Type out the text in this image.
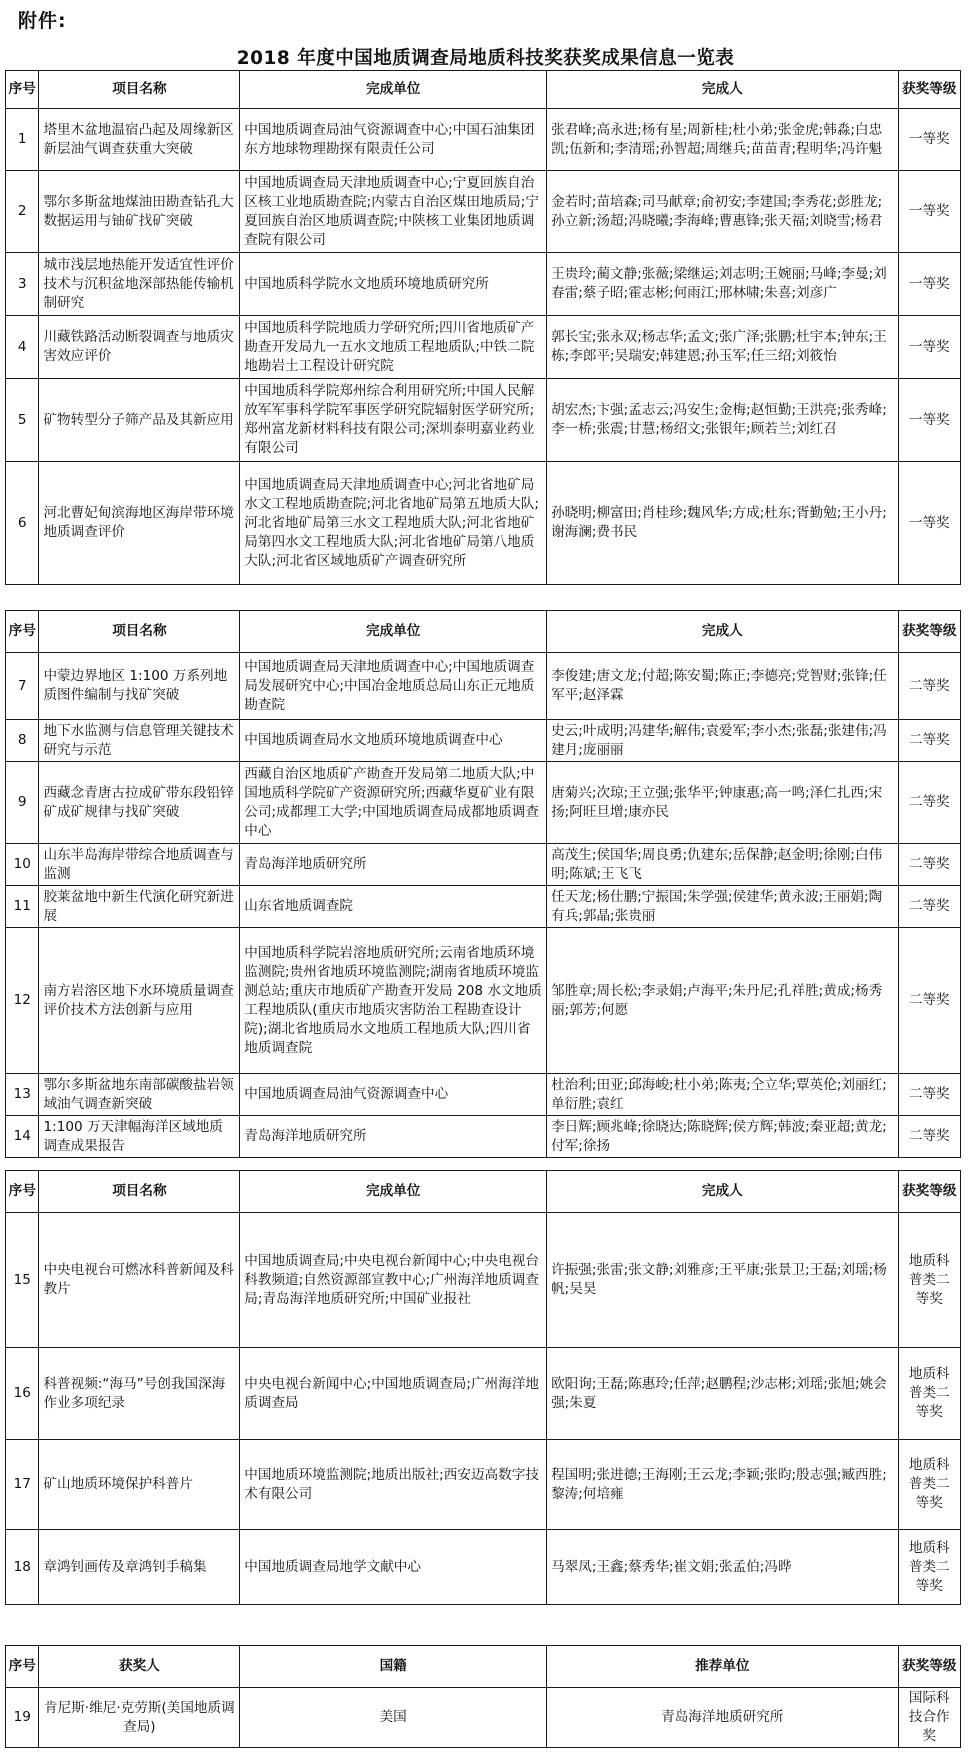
附件:
2018 年度中国地质调查局地质科技奖获奖成果信息一览表
序号	项目名称	完成单位	完成人	获奖等级
1	塔里木盆地温宿凸起及周缘新区新层油气调查获重大突破	中国地质调查局油气资源调查中心;中国石油集团东方地球物理勘探有限责任公司	张君峰;高永进;杨有星;周新桂;杜小弟;张金虎;韩淼;白忠凯;伍新和;李清瑶;孙智超;周继兵;苗苗青;程明华;冯许魁	一等奖
2	鄂尔多斯盆地煤油田勘查钻孔大数据运用与铀矿找矿突破	中国地质调查局天津地质调查中心;宁夏回族自治区核工业地质勘查院;内蒙古自治区煤田地质局;宁夏回族自治区地质调查院;中陕核工业集团地质调查院有限公司	金若时;苗培森;司马献章;俞初安;李建国;李秀花;彭胜龙;孙立新;汤超;冯晓曦;李海峰;曹惠锋;张天福;刘晓雪;杨君	一等奖
3	城市浅层地热能开发适宜性评价技术与沉积盆地深部热能传输机制研究	中国地质科学院水文地质环境地质研究所	王贵玲;蔺文静;张薇;梁继运;刘志明;王婉丽;马峰;李曼;刘春雷;蔡子昭;霍志彬;何雨江;邢林啸;朱喜;刘彦广	一等奖
4	川藏铁路活动断裂调查与地质灾害效应评价	中国地质科学院地质力学研究所;四川省地质矿产勘查开发局九一五水文地质工程地质队;中铁二院地勘岩土工程设计研究院	郭长宝;张永双;杨志华;孟文;张广泽;张鹏;杜宇本;钟东;王栋;李郎平;吴瑞安;韩建恩;孙玉军;任三绍;刘筱怡	一等奖
5	矿物转型分子筛产品及其新应用	中国地质科学院郑州综合利用研究所;中国人民解放军军事科学院军事医学研究院辐射医学研究所;郑州富龙新材料科技有限公司;深圳泰明嘉业药业有限公司	胡宏杰;卞强;孟志云;冯安生;金梅;赵恒勤;王洪亮;张秀峰;李一桥;张震;甘慧;杨绍文;张银年;顾若兰;刘红召	一等奖
6	河北曹妃甸滨海地区海岸带环境地质调查评价	中国地质调查局天津地质调查中心;河北省地矿局水文工程地质勘查院;河北省地矿局第五地质大队;河北省地矿局第三水文工程地质大队;河北省地矿局第四水文工程地质大队;河北省地矿局第八地质大队;河北省区域地质矿产调查研究所	孙晓明;柳富田;肖桂珍;魏风华;方成;杜东;胥勤勉;王小丹;谢海澜;费书民	一等奖
序号	项目名称	完成单位	完成人	获奖等级
7	中蒙边界地区 1:100 万系列地质图件编制与找矿突破	中国地质调查局天津地质调查中心;中国地质调查局发展研究中心;中国冶金地质总局山东正元地质勘查院	李俊建;唐文龙;付超;陈安蜀;陈正;李德亮;党智财;张锋;任军平;赵泽霖	二等奖
8	地下水监测与信息管理关键技术研究与示范	中国地质调查局水文地质环境地质调查中心	史云;叶成明;冯建华;解伟;袁爱军;李小杰;张磊;张建伟;冯建月;庞丽丽	二等奖
9	西藏念青唐古拉成矿带东段铅锌矿成矿规律与找矿突破	西藏自治区地质矿产勘查开发局第二地质大队;中国地质科学院矿产资源研究所;西藏华夏矿业有限公司;成都理工大学;中国地质调查局成都地质调查中心	唐菊兴;次琼;王立强;张华平;钟康惠;高一鸣;泽仁扎西;宋扬;阿旺旦增;康亦民	二等奖
10	山东半岛海岸带综合地质调查与监测	青岛海洋地质研究所	高茂生;侯国华;周良勇;仇建东;岳保静;赵金明;徐刚;白伟明;陈斌;王飞飞	二等奖
11	胶莱盆地中新生代演化研究新进展	山东省地质调查院	任天龙;杨仕鹏;宁振国;朱学强;侯建华;黄永波;王丽娟;陶有兵;郭晶;张贵丽	二等奖
12	南方岩溶区地下水环境质量调查评价技术方法创新与应用	中国地质科学院岩溶地质研究所;云南省地质环境监测院;贵州省地质环境监测院;湖南省地质环境监测总站;重庆市地质矿产勘查开发局 208 水文地质工程地质队(重庆市地质灾害防治工程勘查设计院);湖北省地质局水文地质工程地质大队;四川省地质调查院	邹胜章;周长松;李录娟;卢海平;朱丹尼;孔祥胜;黄成;杨秀丽;郭芳;何愿	二等奖
13	鄂尔多斯盆地东南部碳酸盐岩领域油气调查新突破	中国地质调查局油气资源调查中心	杜治利;田亚;邱海峻;杜小弟;陈夷;仝立华;覃英伦;刘丽红;单衍胜;袁红	二等奖
14	1:100 万天津幅海洋区域地质调查成果报告	青岛海洋地质研究所	李日辉;顾兆峰;徐晓达;陈晓辉;侯方辉;韩波;秦亚超;黄龙;付军;徐扬	二等奖
序号	项目名称	完成单位	完成人	获奖等级
15	中央电视台可燃冰科普新闻及科教片	中国地质调查局;中央电视台新闻中心;中央电视台科教频道;自然资源部宣教中心;广州海洋地质调查局;青岛海洋地质研究所;中国矿业报社	许振强;张雷;张文静;刘雅彦;王平康;张景卫;王磊;刘瑶;杨帆;吴昊	地质科普类二等奖
16	科普视频:“海马”号创我国深海作业多项纪录	中央电视台新闻中心;中国地质调查局;广州海洋地质调查局	欧阳询;王磊;陈惠玲;任萍;赵鹏程;沙志彬;刘瑶;张旭;姚会强;朱夏	地质科普类二等奖
17	矿山地质环境保护科普片	中国地质环境监测院;地质出版社;西安迈高数字技术有限公司	程国明;张进德;王海刚;王云龙;李颖;张昀;殷志强;臧西胜;黎涛;何培雍	地质科普类二等奖
18	章鸿钊画传及章鸿钊手稿集	中国地质调查局地学文献中心	马翠凤;王鑫;蔡秀华;崔文娟;张孟伯;冯晔	地质科普类二等奖
序号	获奖人	国籍	推荐单位	获奖等级
19	肯尼斯·维尼·克劳斯(美国地质调查局)	美国	青岛海洋地质研究所	国际科技合作奖
